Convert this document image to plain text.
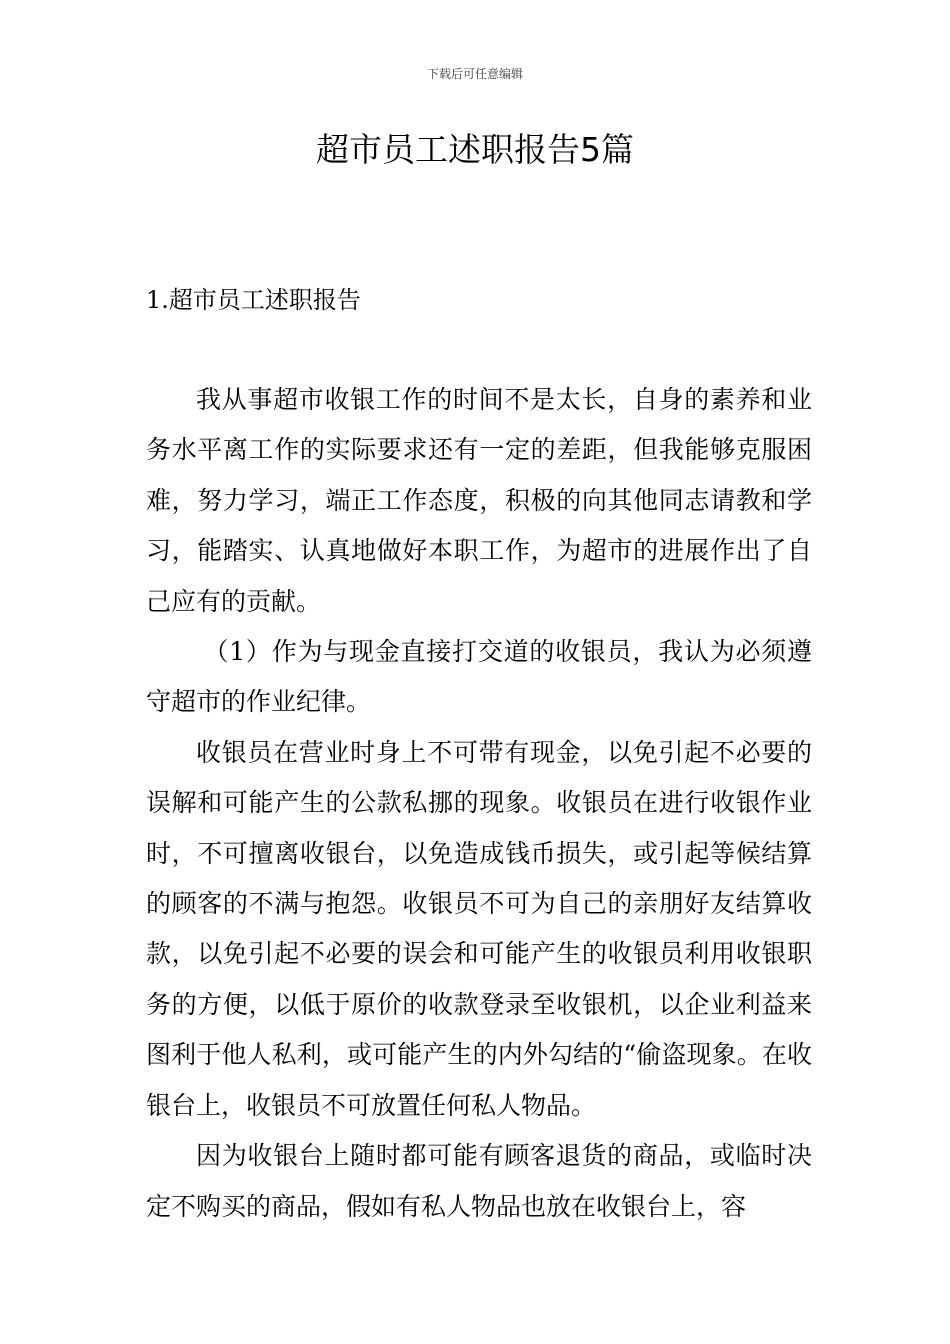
下载后可任意编辑
超市员工述职报告5篇
1.超市员工述职报告

我从事超市收银工作的时间不是太长，自身的素养和业务水平离工作的实际要求还有一定的差距，但我能够克服困难，努力学习，端正工作态度，积极的向其他同志请教和学习，能踏实、认真地做好本职工作，为超市的进展作出了自己应有的贡献。

（1）作为与现金直接打交道的收银员，我认为必须遵守超市的作业纪律。

收银员在营业时身上不可带有现金，以免引起不必要的误解和可能产生的公款私挪的现象。收银员在进行收银作业时，不可擅离收银台，以免造成钱币损失，或引起等候结算的顾客的不满与抱怨。收银员不可为自己的亲朋好友结算收款，以免引起不必要的误会和可能产生的收银员利用收银职务的方便，以低于原价的收款登录至收银机，以企业利益来图利于他人私利，或可能产生的内外勾结的“偷盗现象。在收银台上，收银员不可放置任何私人物品。

因为收银台上随时都可能有顾客退货的商品，或临时决定不购买的商品，假如有私人物品也放在收银台上，容
